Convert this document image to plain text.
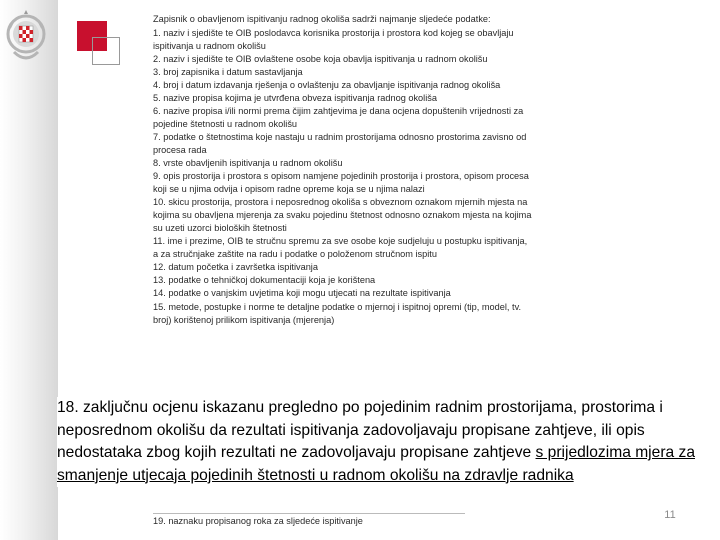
Zapisnik o obavljenom ispitivanju radnog okoliša sadrži najmanje sljedeće podatke:
1. naziv i sjedište te OIB poslodavca korisnika prostorija i prostora kod kojeg se obavljaju
ispitivanja u radnom okolišu
2. naziv i sjedište te OIB ovlaštene osobe koja obavlja ispitivanja u radnom okolišu
3. broj zapisnika i datum sastavljanja
4. broj i datum izdavanja rješenja o ovlaštenju za obavljanje ispitivanja radnog okoliša
5. nazive propisa kojima je utvrđena obveza ispitivanja radnog okoliša
6. nazive propisa i/ili normi prema čijim zahtjevima je dana ocjena dopuštenih vrijednosti za
pojedine štetnosti u radnom okolišu
7. podatke o štetnostima koje nastaju u radnim prostorijama odnosno prostorima zavisno od
procesa rada
8. vrste obavljenih ispitivanja u radnom okolišu
9. opis prostorija i prostora s opisom namjene pojedinih prostorija i prostora, opisom procesa
koji se u njima odvija i opisom radne opreme koja se u njima nalazi
10. skicu prostorija, prostora i neposrednog okoliša s obveznom oznakom mjernih mjesta na
kojima su obavljena mjerenja za svaku pojedinu štetnost odnosno oznakom mjesta na kojima
su uzeti uzorci bioloških štetnosti
11. ime i prezime, OIB te stručnu spremu za sve osobe koje sudjeluju u postupku ispitivanja,
a za stručnjake zaštite na radu i podatke o položenom stručnom ispitu
12. datum početka i završetka ispitivanja
13. podatke o tehničkoj dokumentaciji koja je korištena
14. podatke o vanjskim uvjetima koji mogu utjecati na rezultate ispitivanja
15. metode, postupke i norme te detaljne podatke o mjernoj i ispitnoj opremi (tip, model, tv.
broj) korištenoj prilikom ispitivanja (mjerenja)
19. naznaku propisanog roka za sljedeće ispitivanje
18. zaključnu ocjenu iskazanu pregledno po pojedinim radnim prostorijama, prostorima i neposrednom okolišu da rezultati ispitivanja zadovoljavaju propisane zahtjeve, ili opis nedostataka zbog kojih rezultati ne zadovoljavaju propisane zahtjeve s prijedlozima mjera za smanjenje utjecaja pojedinih štetnosti u radnom okolišu na zdravlje radnika
11
